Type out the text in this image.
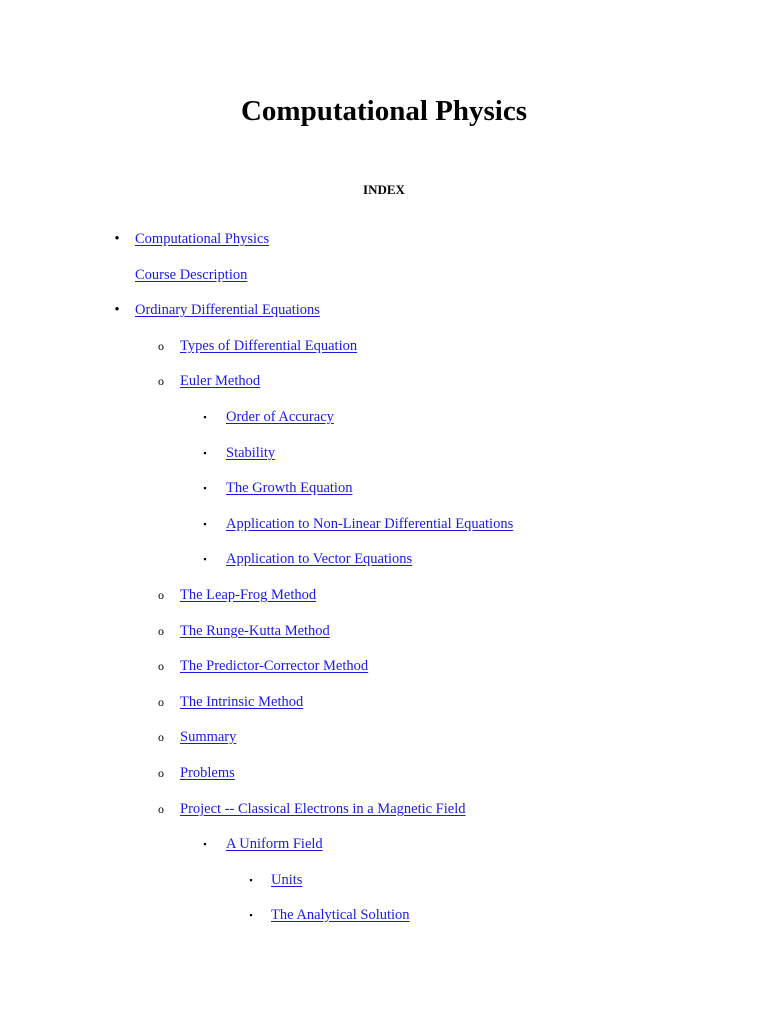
Computational Physics
INDEX
• Computational Physics
Course Description
• Ordinary Differential Equations
o Types of Differential Equation
o Euler Method
▪	Order of Accuracy
▪	Stability
▪	The Growth Equation
▪	Application to Non-Linear Differential Equations
▪	Application to Vector Equations
o The Leap-Frog Method
o The Runge-Kutta Method
o The Predictor-Corrector Method
o The Intrinsic Method
o Summary
o Problems
o Project -- Classical Electrons in a Magnetic Field
▪	A Uniform Field
▪	Units
▪	The Analytical Solution
